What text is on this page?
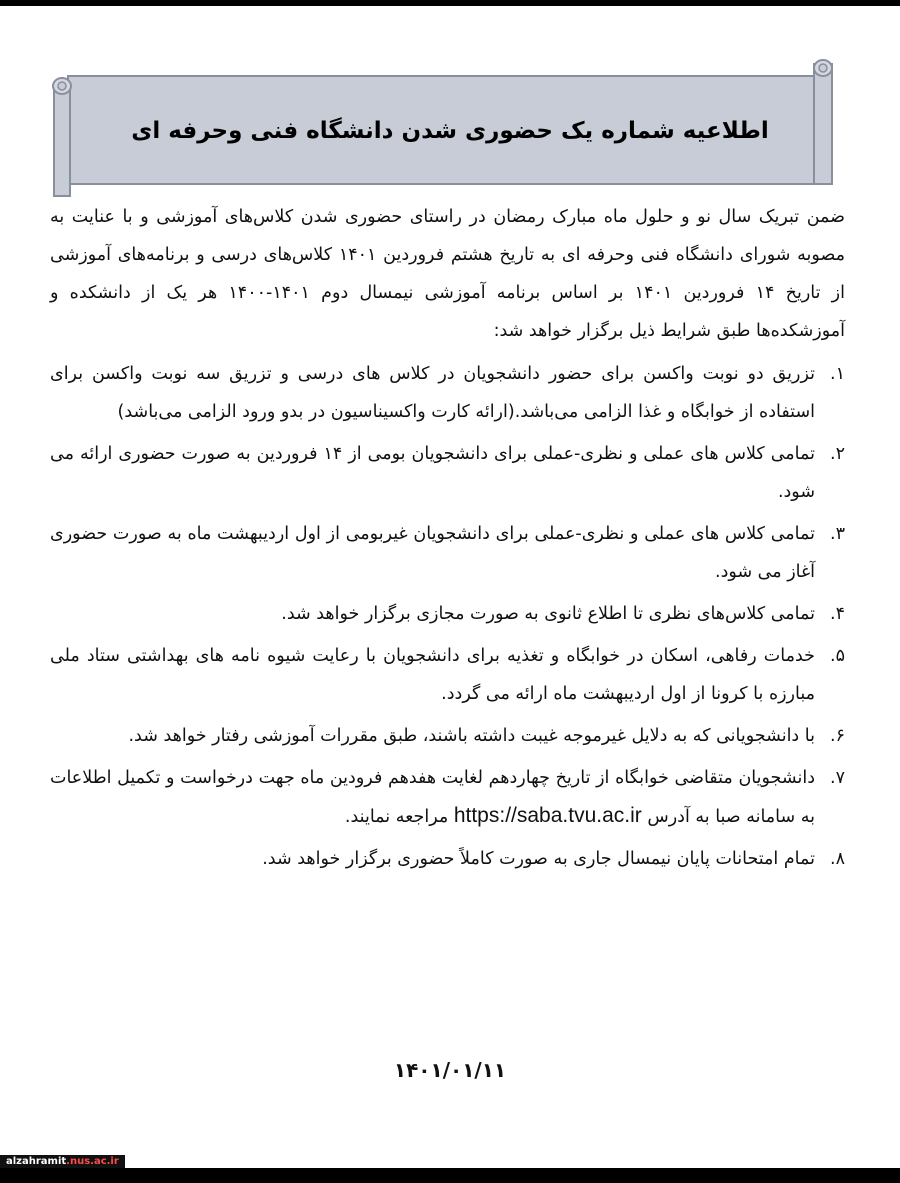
اطلاعیه شماره یک حضوری شدن دانشگاه فنی وحرفه ای

ضمن تبریک سال نو و حلول ماه مبارک رمضان در راستای حضوری شدن کلاس‌های آموزشی و با عنایت به مصوبه شورای دانشگاه فنی وحرفه ای به تاریخ هشتم فروردین ۱۴۰۱ کلاس‌های درسی و برنامه‌های آموزشی از تاریخ ۱۴ فروردین ۱۴۰۱ بر اساس برنامه آموزشی نیمسال دوم ۱۴۰۱-۱۴۰۰ هر یک از دانشکده و آموزشکده‌ها طبق شرایط ذیل برگزار خواهد شد:

۱.
تزریق دو نوبت واکسن برای حضور دانشجویان در کلاس های درسی و تزریق سه نوبت واکسن برای استفاده از خوابگاه و غذا الزامی می‌باشد.(ارائه کارت واکسیناسیون در بدو ورود الزامی می‌باشد)
۲.
تمامی کلاس های عملی و نظری-عملی برای دانشجویان بومی از ۱۴ فروردین به صورت حضوری ارائه می شود.
۳.
تمامی کلاس های عملی و نظری-عملی برای دانشجویان غیربومی از اول اردیبهشت ماه به صورت حضوری آغاز می شود.
۴.
تمامی کلاس‌های نظری تا اطلاع ثانوی به صورت مجازی برگزار خواهد شد.
۵.
خدمات رفاهی، اسکان در خوابگاه و تغذیه برای دانشجویان با رعایت شیوه نامه های بهداشتی ستاد ملی مبارزه با کرونا از اول اردیبهشت ماه ارائه می گردد.
۶.
با دانشجویانی که به دلایل غیرموجه غیبت داشته باشند، طبق مقررات آموزشی رفتار خواهد شد.
۷.
دانشجویان متقاضی خوابگاه از تاریخ چهاردهم لغایت هفدهم فرودین ماه جهت درخواست و تکمیل اطلاعات به سامانه صبا به آدرس https://saba.tvu.ac.ir مراجعه نمایند.
۸.
تمام امتحانات پایان نیمسال جاری به صورت کاملاً حضوری برگزار خواهد شد.
۱۴۰۱/۰۱/۱۱
alzahramit.nus.ac.ir
